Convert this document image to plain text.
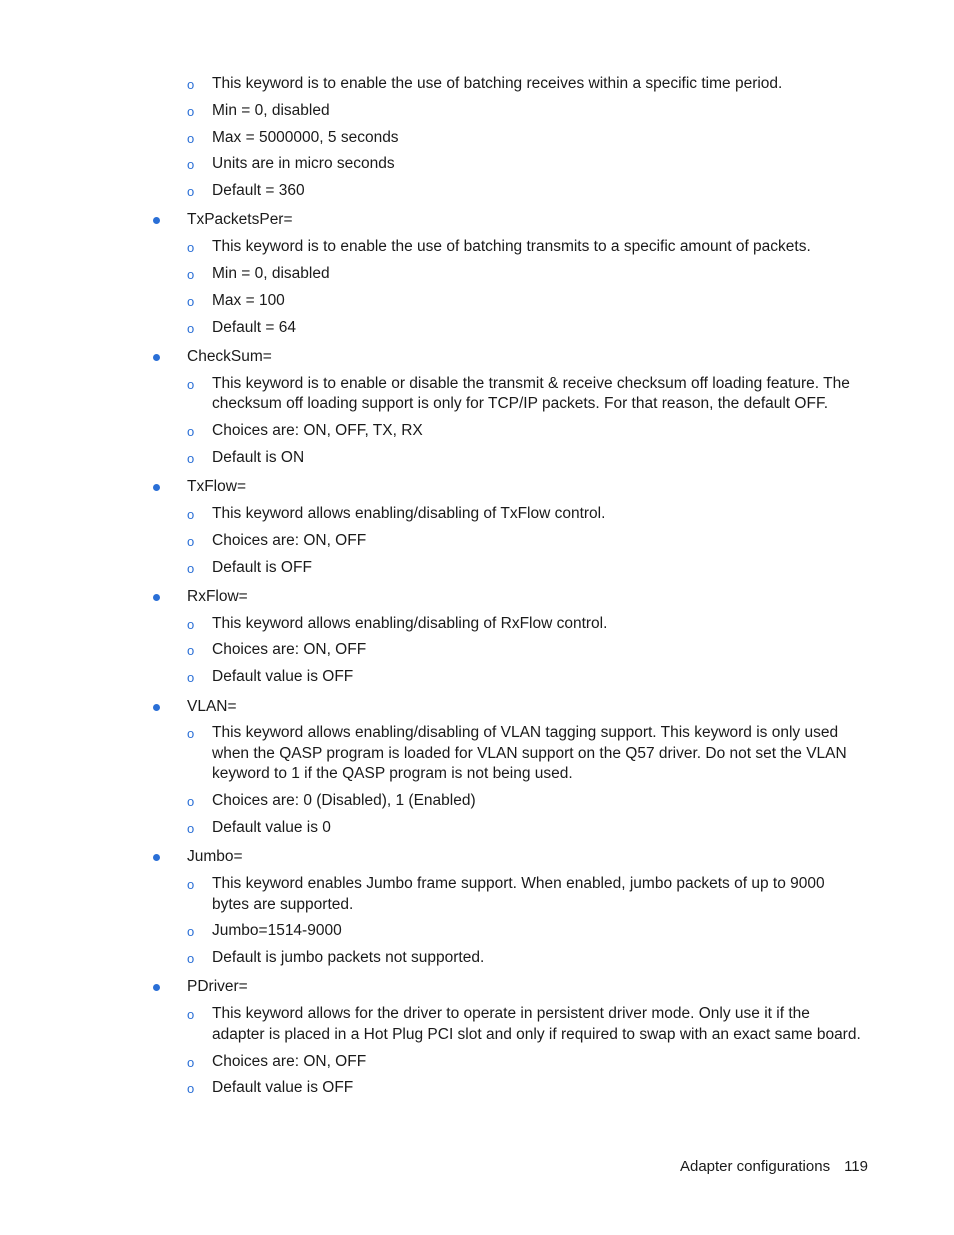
o This keyword is to enable the use of batching receives within a specific time period.
o Min = 0, disabled
o Max = 5000000, 5 seconds
o Units are in micro seconds
o Default = 360
TxPacketsPer=
o This keyword is to enable the use of batching transmits to a specific amount of packets.
o Min = 0, disabled
o Max = 100
o Default = 64
CheckSum=
o This keyword is to enable or disable the transmit & receive checksum off loading feature. The checksum off loading support is only for TCP/IP packets. For that reason, the default OFF.
o Choices are: ON, OFF, TX, RX
o Default is ON
TxFlow=
o This keyword allows enabling/disabling of TxFlow control.
o Choices are: ON, OFF
o Default is OFF
RxFlow=
o This keyword allows enabling/disabling of RxFlow control.
o Choices are: ON, OFF
o Default value is OFF
VLAN=
o This keyword allows enabling/disabling of VLAN tagging support. This keyword is only used when the QASP program is loaded for VLAN support on the Q57 driver. Do not set the VLAN keyword to 1 if the QASP program is not being used.
o Choices are: 0 (Disabled), 1 (Enabled)
o Default value is 0
Jumbo=
o This keyword enables Jumbo frame support. When enabled, jumbo packets of up to 9000 bytes are supported.
o Jumbo=1514-9000
o Default is jumbo packets not supported.
PDriver=
o This keyword allows for the driver to operate in persistent driver mode. Only use it if the adapter is placed in a Hot Plug PCI slot and only if required to swap with an exact same board.
o Choices are: ON, OFF
o Default value is OFF
Adapter configurations 119
